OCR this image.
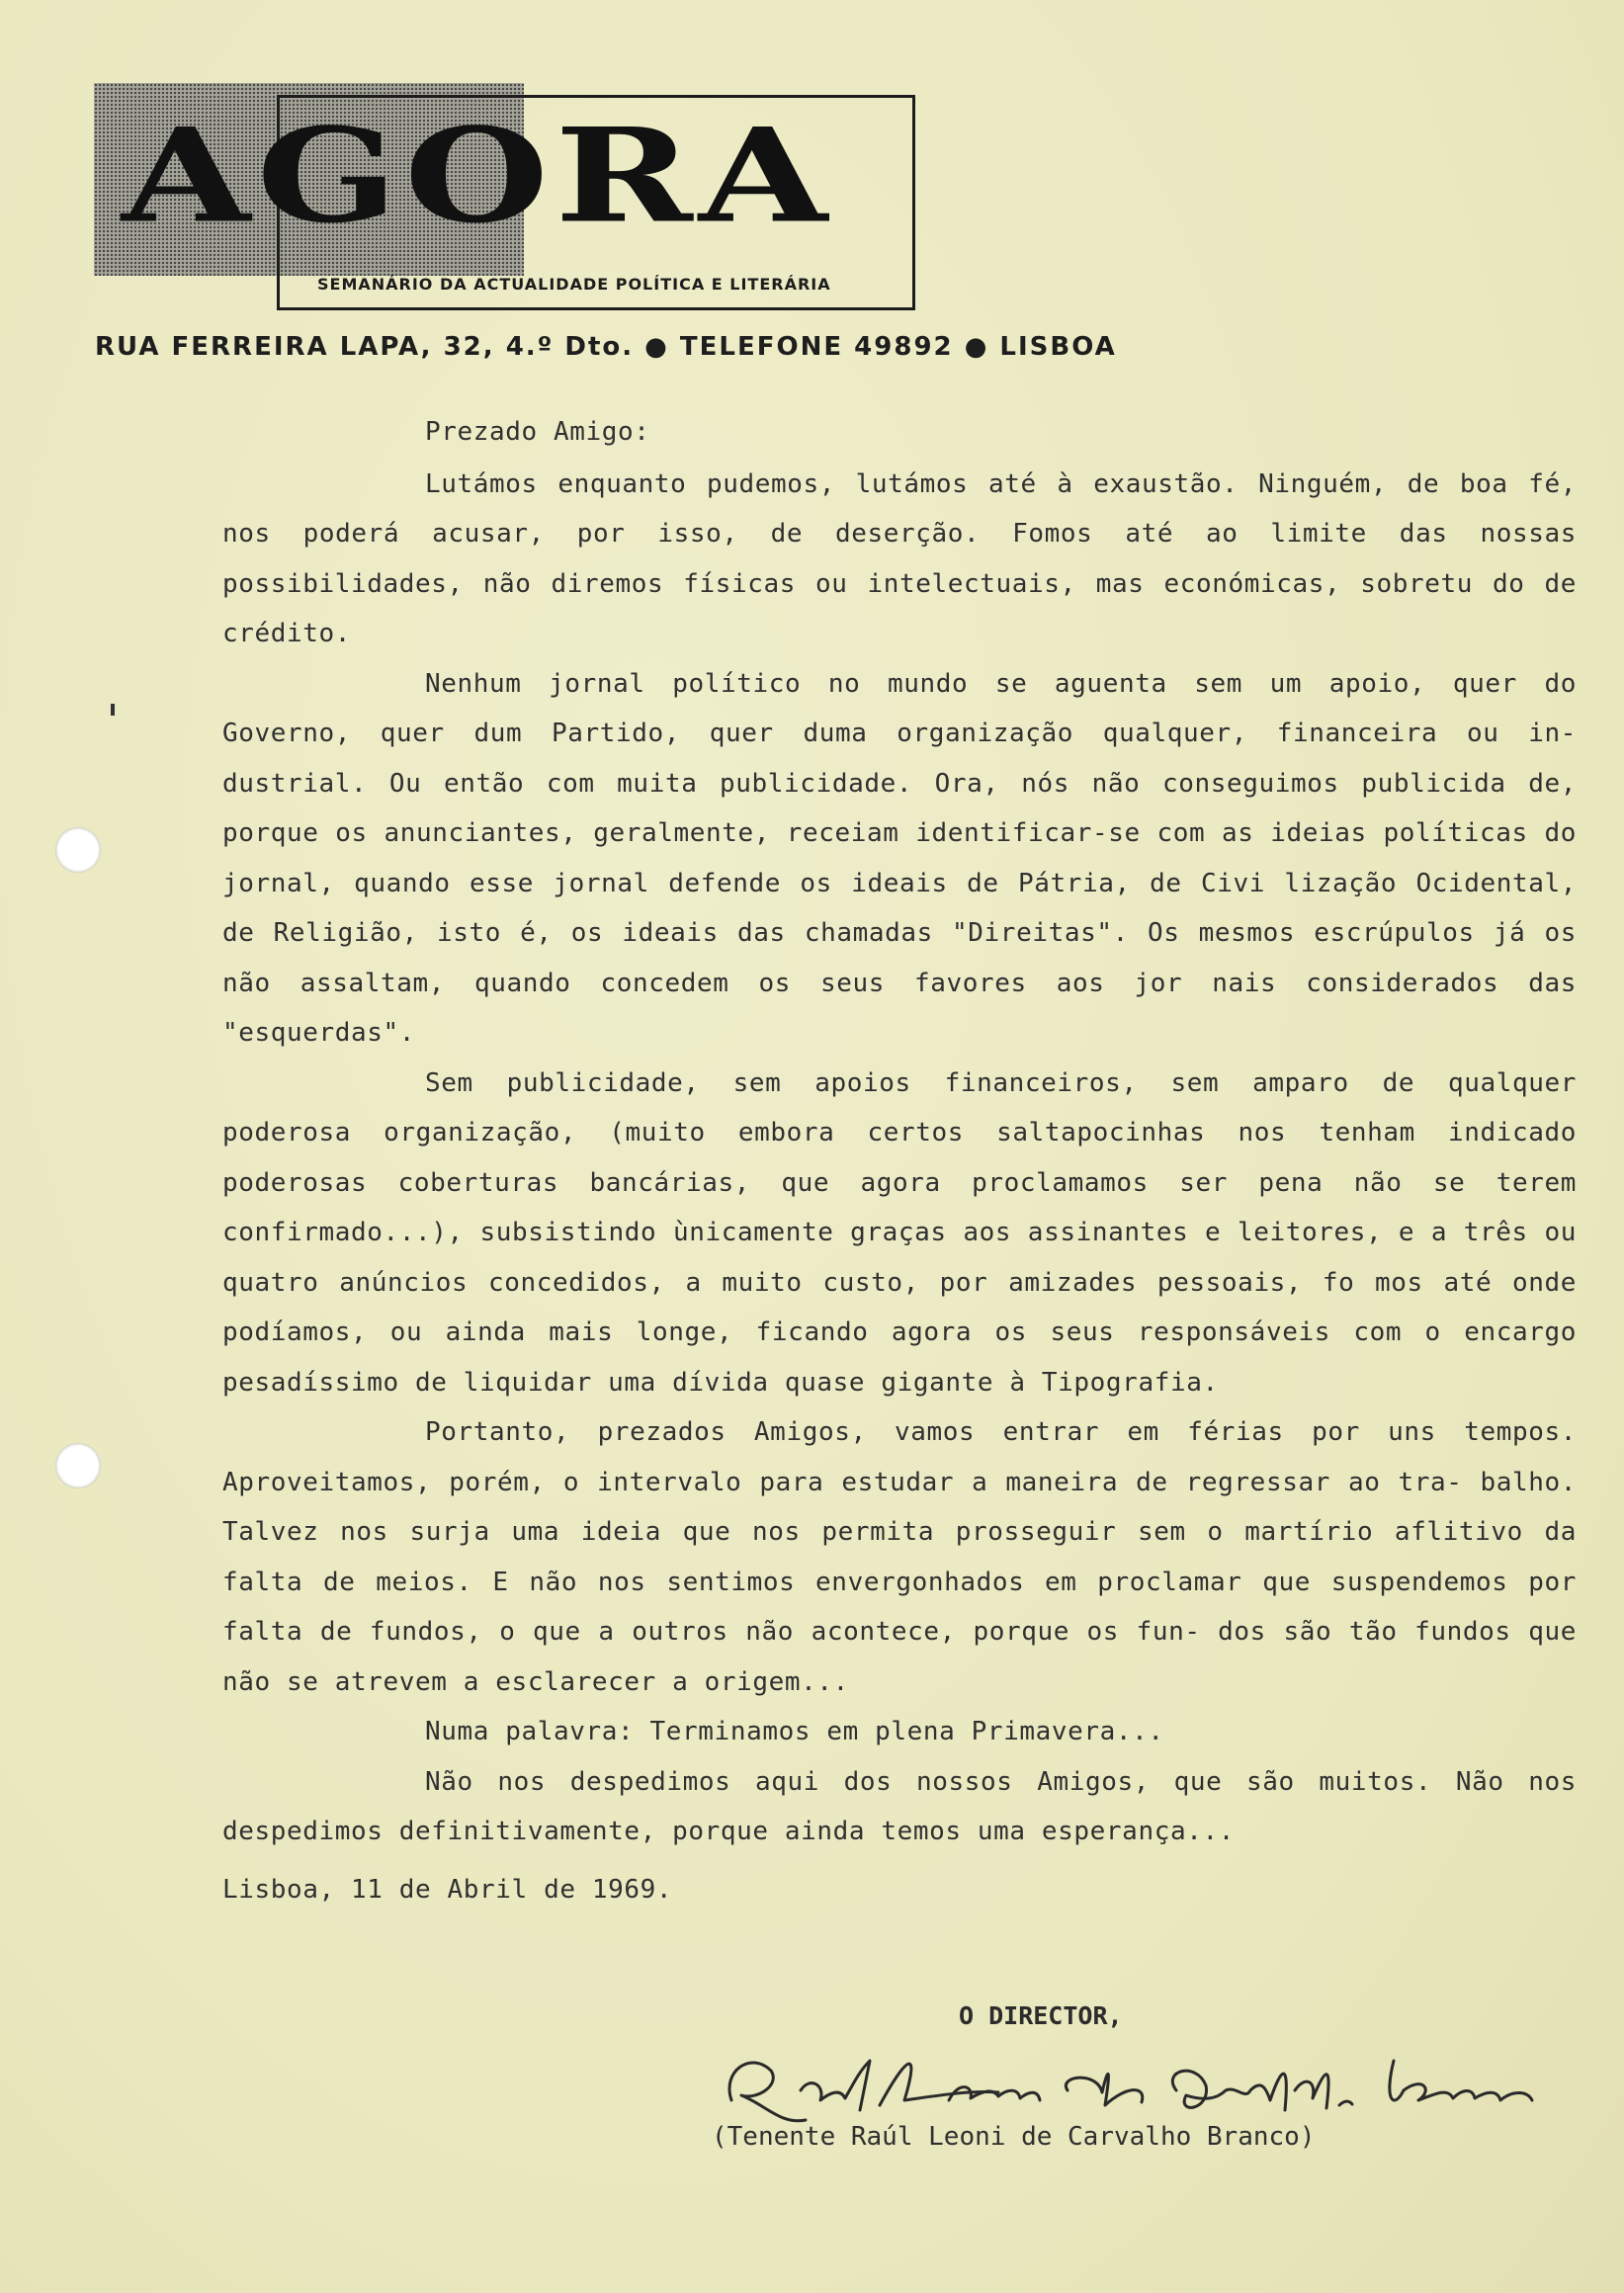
AGORA
SEMANÁRIO DA ACTUALIDADE POLÍTICA E LITERÁRIA
RUA FERREIRA LAPA, 32, 4.º Dto. ● TELEFONE 49892 ● LISBOA
Prezado Amigo:

Lutámos enquanto pudemos, lutámos até à exaustão. Ninguém, de boa fé, nos poderá acusar, por isso, de deserção. Fomos até ao limite das nossas possibilidades, não diremos físicas ou intelectuais, mas económicas, sobretu do de crédito.

Nenhum jornal político no mundo se aguenta sem um apoio, quer do Governo, quer dum Partido, quer duma organização qualquer, financeira ou in- dustrial. Ou então com muita publicidade. Ora, nós não conseguimos publicida de, porque os anunciantes, geralmente, receiam identificar-se com as ideias políticas do jornal, quando esse jornal defende os ideais de Pátria, de Civi lização Ocidental, de Religião, isto é, os ideais das chamadas "Direitas". Os mesmos escrúpulos já os não assaltam, quando concedem os seus favores aos jor nais considerados das "esquerdas".

Sem publicidade, sem apoios financeiros, sem amparo de qualquer poderosa organização, (muito embora certos saltapocinhas nos tenham indicado poderosas coberturas bancárias, que agora proclamamos ser pena não se terem confirmado...), subsistindo ùnicamente graças aos assinantes e leitores, e a três ou quatro anúncios concedidos, a muito custo, por amizades pessoais, fo mos até onde podíamos, ou ainda mais longe, ficando agora os seus responsáveis com o encargo pesadíssimo de liquidar uma dívida quase gigante à Tipografia.

Portanto, prezados Amigos, vamos entrar em férias por uns tempos. Aproveitamos, porém, o intervalo para estudar a maneira de regressar ao tra- balho. Talvez nos surja uma ideia que nos permita prosseguir sem o martírio aflitivo da falta de meios. E não nos sentimos envergonhados em proclamar que suspendemos por falta de fundos, o que a outros não acontece, porque os fun- dos são tão fundos que não se atrevem a esclarecer a origem...

Numa palavra: Terminamos em plena Primavera...

Não nos despedimos aqui dos nossos Amigos, que são muitos. Não nos despedimos definitivamente, porque ainda temos uma esperança...

Lisboa, 11 de Abril de 1969.

O DIRECTOR,
(Tenente Raúl Leoni de Carvalho Branco)
